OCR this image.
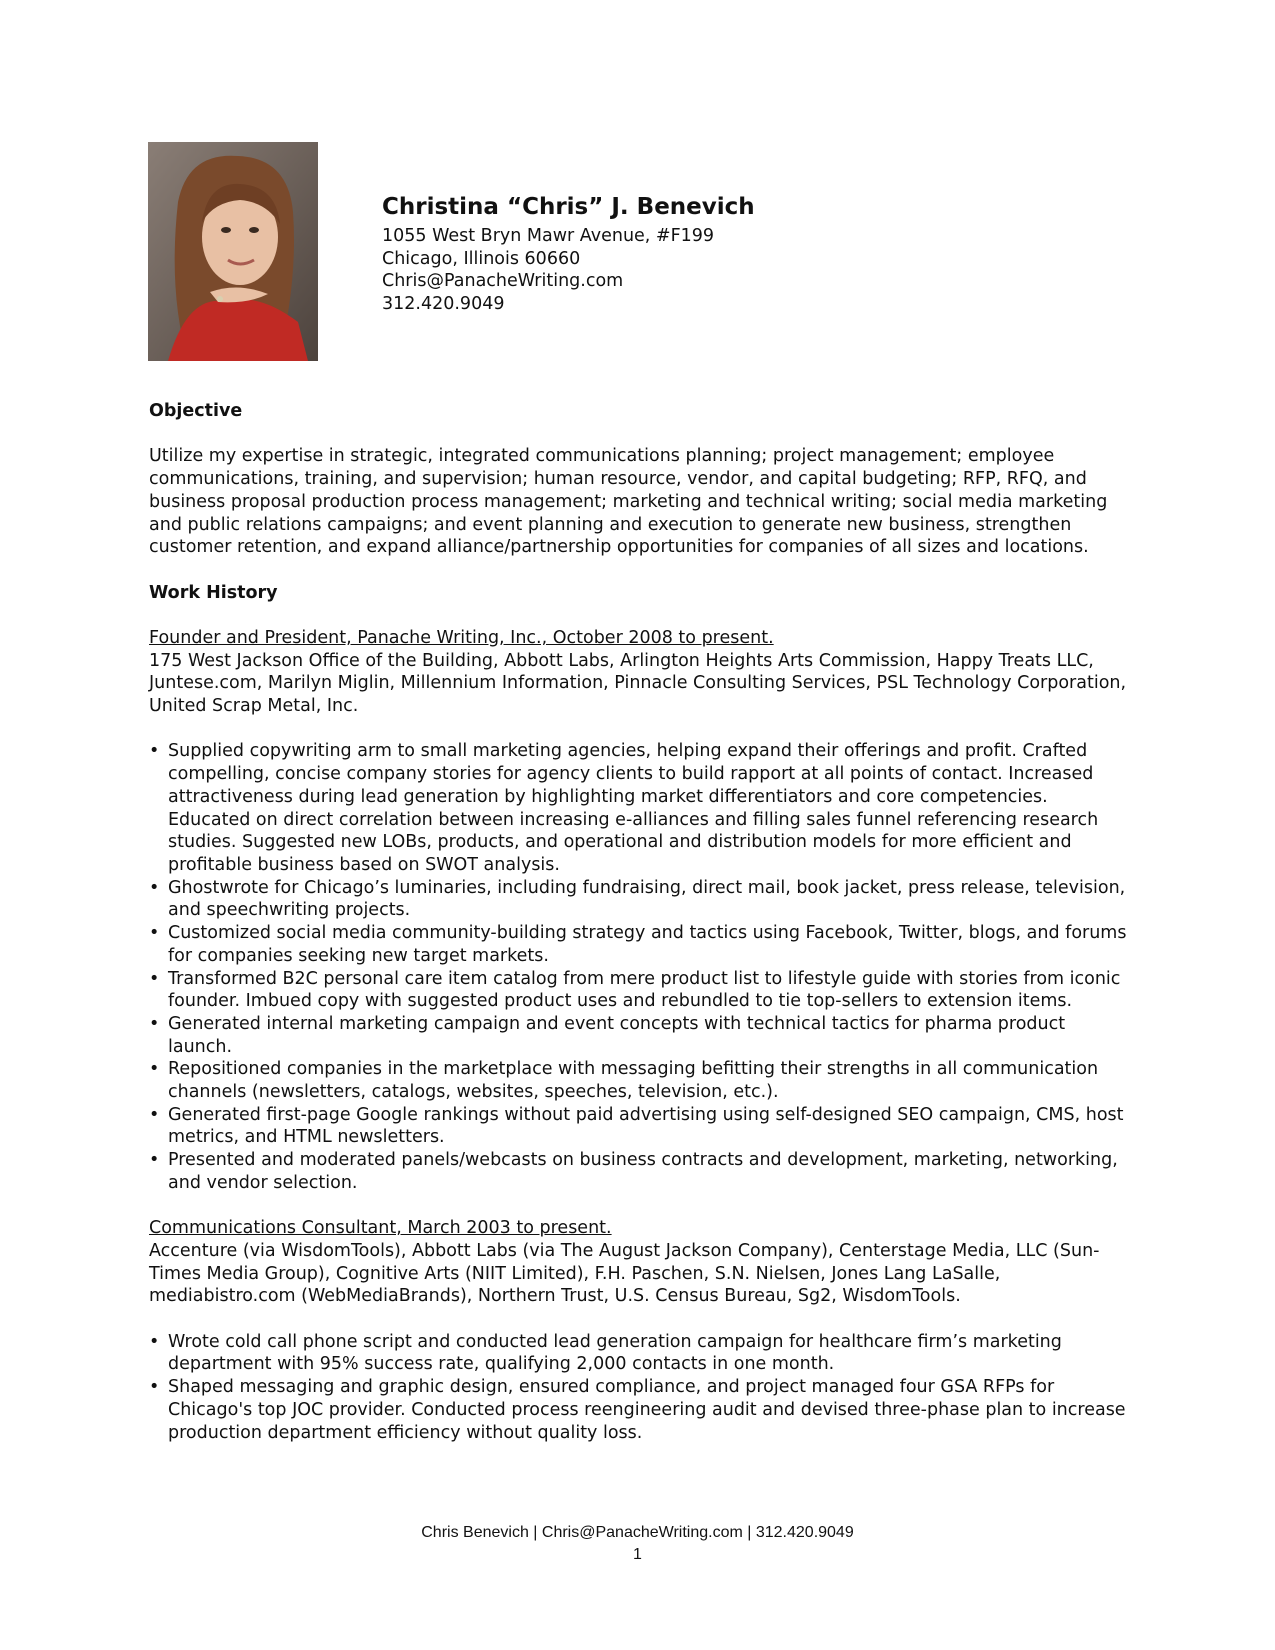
Christina “Chris” J. Benevich
1055 West Bryn Mawr Avenue, #F199
Chicago, Illinois 60660
Chris@PanacheWriting.com
312.420.9049

Objective

Utilize my expertise in strategic, integrated communications planning; project management; employee communications, training, and supervision; human resource, vendor, and capital budgeting; RFP, RFQ, and business proposal production process management; marketing and technical writing; social media marketing and public relations campaigns; and event planning and execution to generate new business, strengthen customer retention, and expand alliance/partnership opportunities for companies of all sizes and locations.

Work History

Founder and President, Panache Writing, Inc., October 2008 to present.

175 West Jackson Office of the Building, Abbott Labs, Arlington Heights Arts Commission, Happy Treats LLC, Juntese.com, Marilyn Miglin, Millennium Information, Pinnacle Consulting Services, PSL Technology Corporation, United Scrap Metal, Inc.

• Supplied copywriting arm to small marketing agencies, helping expand their offerings and profit. Crafted compelling, concise company stories for agency clients to build rapport at all points of contact. Increased attractiveness during lead generation by highlighting market differentiators and core competencies. Educated on direct correlation between increasing e-alliances and filling sales funnel referencing research studies. Suggested new LOBs, products, and operational and distribution models for more efficient and profitable business based on SWOT analysis.
• Ghostwrote for Chicago’s luminaries, including fundraising, direct mail, book jacket, press release, television, and speechwriting projects.
• Customized social media community-building strategy and tactics using Facebook, Twitter, blogs, and forums for companies seeking new target markets.
• Transformed B2C personal care item catalog from mere product list to lifestyle guide with stories from iconic founder. Imbued copy with suggested product uses and rebundled to tie top-sellers to extension items.
• Generated internal marketing campaign and event concepts with technical tactics for pharma product launch.
• Repositioned companies in the marketplace with messaging befitting their strengths in all communication channels (newsletters, catalogs, websites, speeches, television, etc.).
• Generated first-page Google rankings without paid advertising using self-designed SEO campaign, CMS, host metrics, and HTML newsletters.
• Presented and moderated panels/webcasts on business contracts and development, marketing, networking, and vendor selection.

Communications Consultant, March 2003 to present.

Accenture (via WisdomTools), Abbott Labs (via The August Jackson Company), Centerstage Media, LLC (Sun-Times Media Group), Cognitive Arts (NIIT Limited), F.H. Paschen, S.N. Nielsen, Jones Lang LaSalle, mediabistro.com (WebMediaBrands), Northern Trust, U.S. Census Bureau, Sg2, WisdomTools.

• Wrote cold call phone script and conducted lead generation campaign for healthcare firm’s marketing department with 95% success rate, qualifying 2,000 contacts in one month.
• Shaped messaging and graphic design, ensured compliance, and project managed four GSA RFPs for Chicago's top JOC provider. Conducted process reengineering audit and devised three-phase plan to increase production department efficiency without quality loss.
Chris Benevich | Chris@PanacheWriting.com | 312.420.9049
1
